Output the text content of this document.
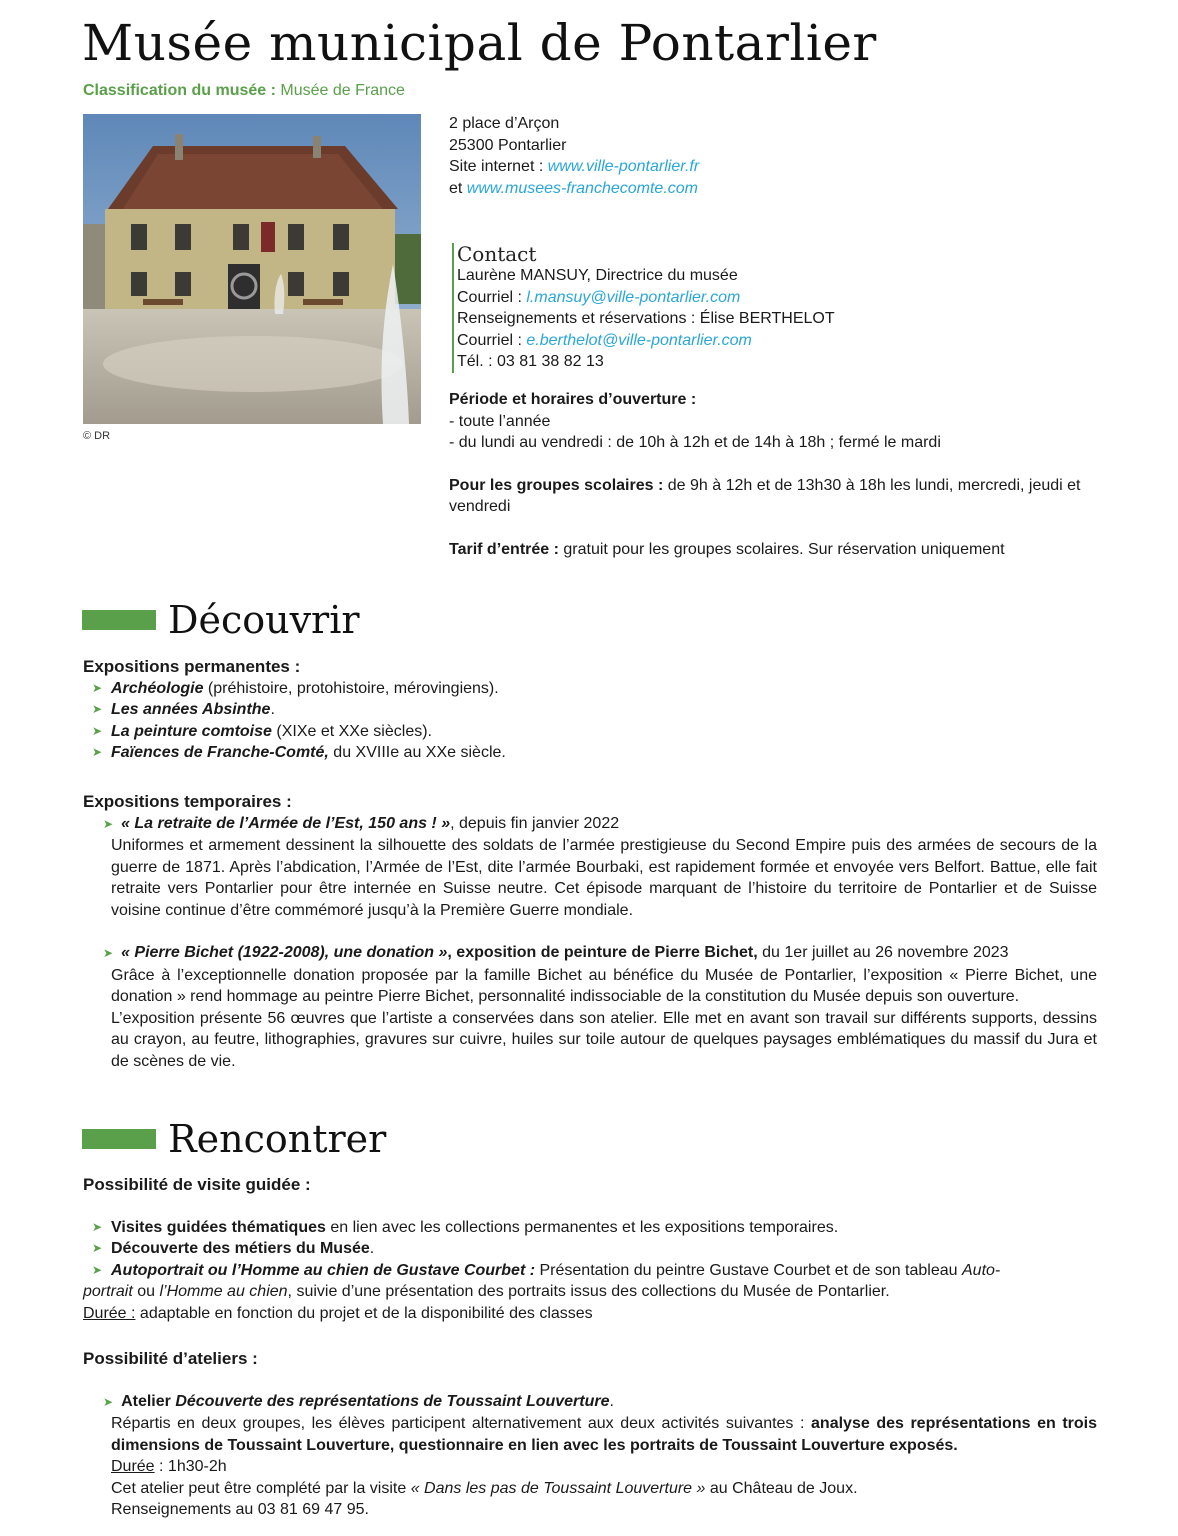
Musée municipal de Pontarlier
Classification du musée : Musée de France
© DR

2 place d’Arçon

25300 Pontarlier

Site internet : www.ville-pontarlier.fr

et www.musees-franchecomte.com

Contact
Laurène MANSUY, Directrice du musée
Courriel : l.mansuy@ville-pontarlier.com
Renseignements et réservations : Élise BERTHELOT
Courriel : e.berthelot@ville-pontarlier.com
Tél. : 03 81 38 82 13

Période et horaires d’ouverture :

- toute l’année

- du lundi au vendredi : de 10h à 12h et de 14h à 18h ; fermé le mardi

Pour les groupes scolaires : de 9h à 12h et de 13h30 à 18h les lundi, mercredi, jeudi et vendredi

Tarif d’entrée : gratuit pour les groupes scolaires. Sur réservation uniquement

Découvrir

Expositions permanentes :

➤ Archéologie (préhistoire, protohistoire, mérovingiens).
➤ Les années Absinthe.
➤ La peinture comtoise (XIXe et XXe siècles).
➤ Faïences de Franche-Comté, du XVIIIe au XXe siècle.

Expositions temporaires :

➤ « La retraite de l’Armée de l’Est, 150 ans ! », depuis fin janvier 2022

Uniformes et armement dessinent la silhouette des soldats de l’armée prestigieuse du Second Empire puis des armées de secours de la guerre de 1871. Après l’abdication, l’Armée de l’Est, dite l’armée Bourbaki, est rapidement formée et envoyée vers Belfort. Battue, elle fait retraite vers Pontarlier pour être internée en Suisse neutre. Cet épisode marquant de l’histoire du territoire de Pontarlier et de Suisse voisine continue d’être commémoré jusqu’à la Première Guerre mondiale.

➤ « Pierre Bichet (1922-2008), une donation », exposition de peinture de Pierre Bichet, du 1er juillet au 26 novembre 2023

Grâce à l’exceptionnelle donation proposée par la famille Bichet au bénéfice du Musée de Pontarlier, l’exposition « Pierre Bichet, une donation » rend hommage au peintre Pierre Bichet, personnalité indissociable de la constitution du Musée depuis son ouverture.

L’exposition présente 56 œuvres que l’artiste a conservées dans son atelier. Elle met en avant son travail sur différents supports, dessins au crayon, au feutre, lithographies, gravures sur cuivre, huiles sur toile autour de quelques paysages emblématiques du massif du Jura et de scènes de vie.

Rencontrer

Possibilité de visite guidée :

➤ Visites guidées thématiques en lien avec les collections permanentes et les expositions temporaires.
➤ Découverte des métiers du Musée.
➤ Autoportrait ou l’Homme au chien de Gustave Courbet : Présentation du peintre Gustave Courbet et de son tableau Auto-

portrait ou l’Homme au chien, suivie d’une présentation des portraits issus des collections du Musée de Pontarlier.

Durée : adaptable en fonction du projet et de la disponibilité des classes

Possibilité d’ateliers :

➤ Atelier Découverte des représentations de Toussaint Louverture.

Répartis en deux groupes, les élèves participent alternativement aux deux activités suivantes : analyse des représentations en trois dimensions de Toussaint Louverture, questionnaire en lien avec les portraits de Toussaint Louverture exposés.

Durée : 1h30-2h

Cet atelier peut être complété par la visite « Dans les pas de Toussaint Louverture » au Château de Joux.

Renseignements au 03 81 69 47 95.
